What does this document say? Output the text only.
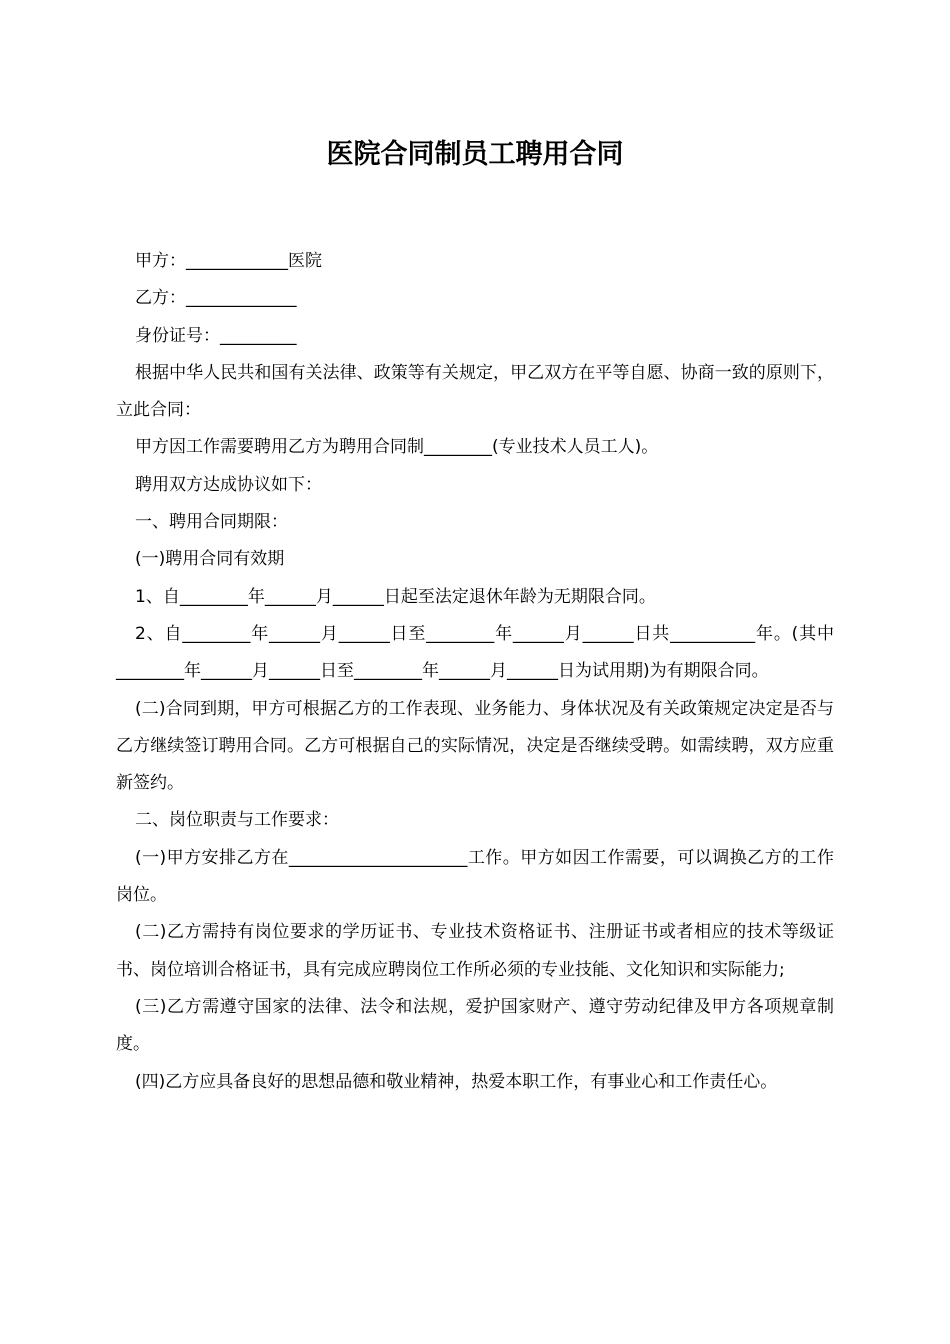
医院合同制员工聘用合同

甲方：____________医院

乙方：_____________

身份证号：_________

根据中华人民共和国有关法律、政策等有关规定，甲乙双方在平等自愿、协商一致的原则下，立此合同：

甲方因工作需要聘用乙方为聘用合同制________(专业技术人员工人)。

聘用双方达成协议如下：

一、聘用合同期限：

(一)聘用合同有效期

1、自________年______月______日起至法定退休年龄为无期限合同。

2、自________年______月______日至________年______月______日共__________年。(其中________年______月______日至________年______月______日为试用期)为有期限合同。

(二)合同到期，甲方可根据乙方的工作表现、业务能力、身体状况及有关政策规定决定是否与乙方继续签订聘用合同。乙方可根据自己的实际情况，决定是否继续受聘。如需续聘，双方应重新签约。

二、岗位职责与工作要求：

(一)甲方安排乙方在_____________________工作。甲方如因工作需要，可以调换乙方的工作岗位。

(二)乙方需持有岗位要求的学历证书、专业技术资格证书、注册证书或者相应的技术等级证书、岗位培训合格证书，具有完成应聘岗位工作所必须的专业技能、文化知识和实际能力;

(三)乙方需遵守国家的法律、法令和法规，爱护国家财产、遵守劳动纪律及甲方各项规章制度。

(四)乙方应具备良好的思想品德和敬业精神，热爱本职工作，有事业心和工作责任心。
